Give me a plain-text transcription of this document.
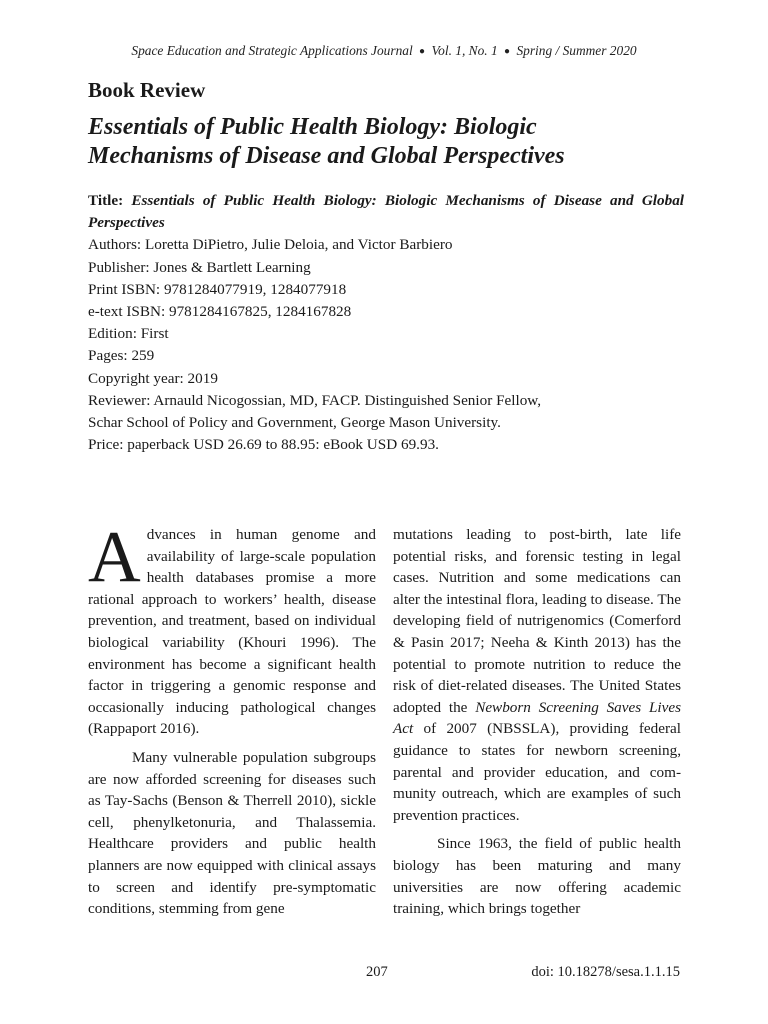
Space Education and Strategic Applications Journal ● Vol. 1, No. 1 ● Spring / Summer 2020
Book Review
Essentials of Public Health Biology: Biologic
Mechanisms of Disease and Global Perspectives
Title: Essentials of Public Health Biology: Biologic Mechanisms of Disease and Global Perspectives
Authors: Loretta DiPietro, Julie Deloia, and Victor Barbiero
Publisher: Jones & Bartlett Learning
Print ISBN: 9781284077919, 1284077918
e-text ISBN: 9781284167825, 1284167828
Edition: First
Pages: 259
Copyright year: 2019
Reviewer: Arnauld Nicogossian, MD, FACP. Distinguished Senior Fellow,
Schar School of Policy and Government, George Mason University.
Price: paperback USD 26.69 to 88.95: eBook USD 69.93.

Advances in human genome and availability of large-scale population health databases promise a more rational approach to workers’ health, disease prevention, and treatment, based on individual biological variability (Khouri 1996). The environment has become a significant health factor in triggering a genomic response and occasionally inducing pathological changes (Rappaport 2016).

Many vulnerable population subgroups are now afforded screening for diseases such as Tay-Sachs (Benson & Therrell 2010), sickle cell, phenylketonuria, and Thalassemia. Healthcare providers and public health planners are now equipped with clinical assays to screen and identify pre-symptomatic conditions, stemming from gene

mutations leading to post-birth, late life potential risks, and forensic testing in legal cases. Nutrition and some medications can alter the intestinal flora, leading to disease. The developing field of nutrigenomics (Comerford & Pasin 2017; Neeha & Kinth 2013) has the potential to promote nutrition to reduce the risk of diet-related diseases. The United States adopted the Newborn Screening Saves Lives Act of 2007 (NBSSLA), providing federal guidance to states for newborn screening, parental and provider education, and community outreach, which are examples of such prevention practices.

Since 1963, the field of public health biology has been maturing and many universities are now offering academic training, which brings together

207	doi: 10.18278/sesa.1.1.15
